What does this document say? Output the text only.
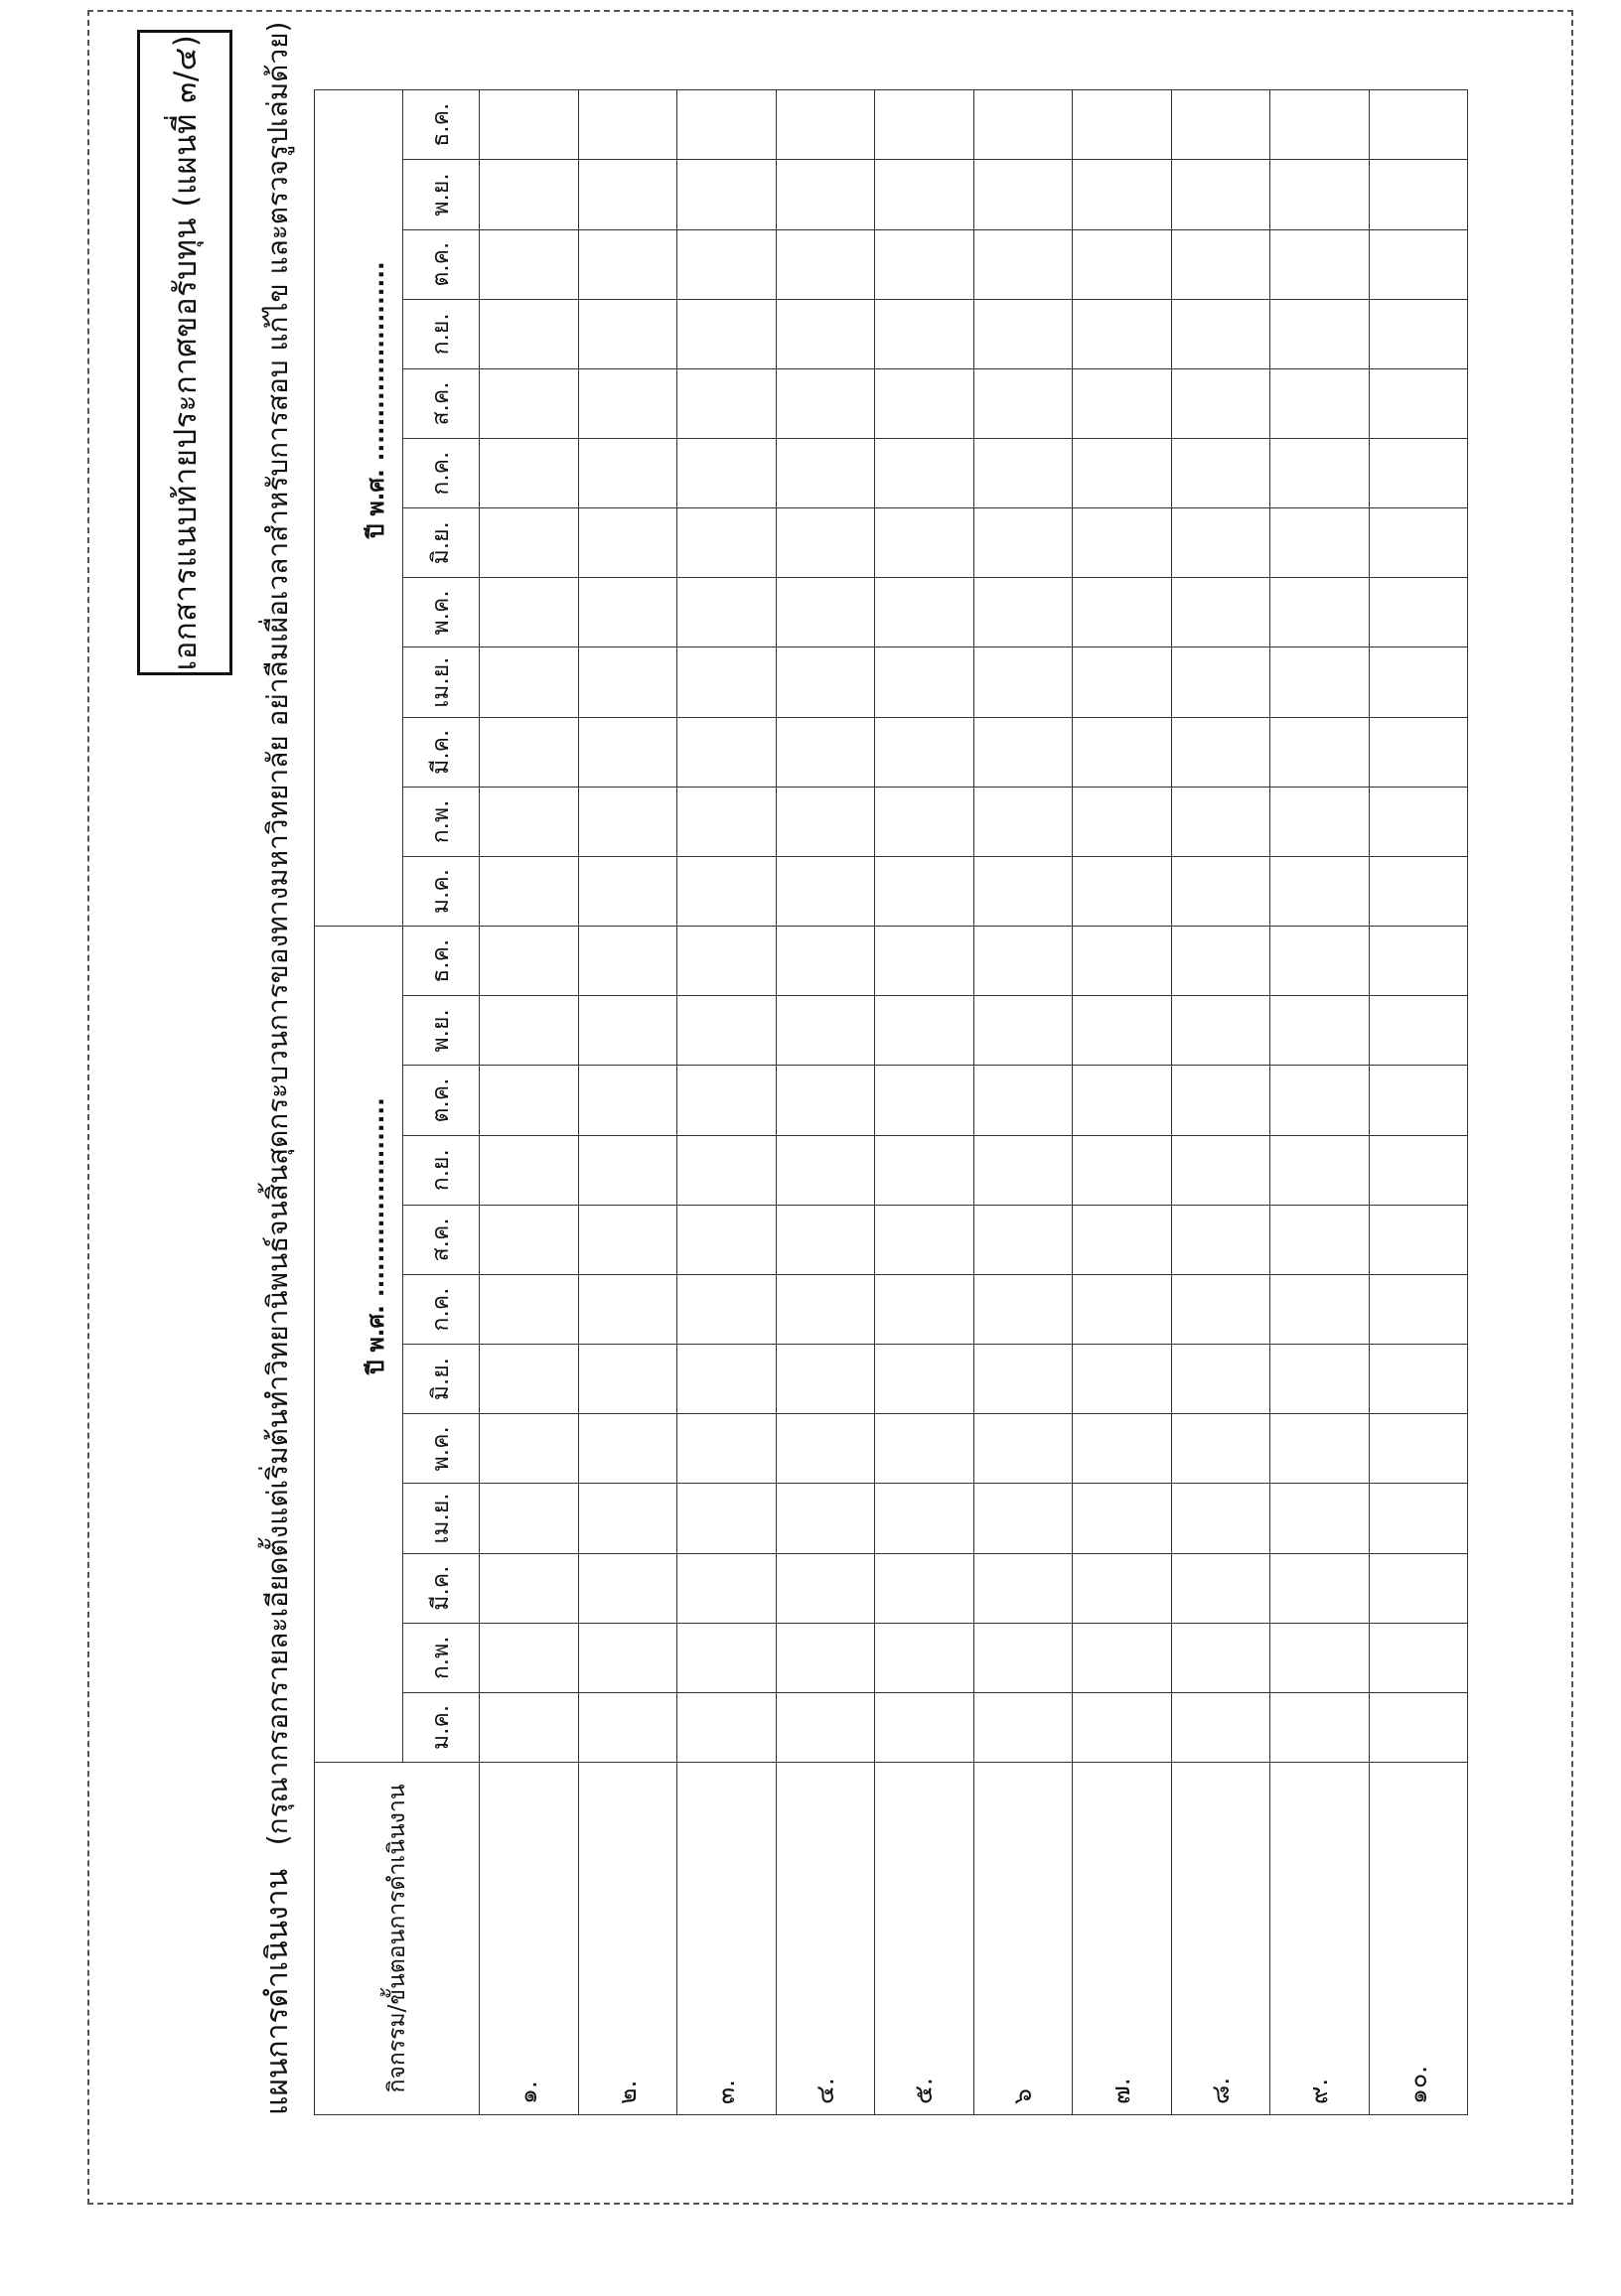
เอกสารแนบท้ายประกาศขอรับทุน (แผนที่ ๓/๔)
แผนการดำเนินงาน (กรุณากรอกรายละเอียดตั้งแต่เริ่มต้นทำวิทยานิพนธ์จนสิ้นสุดกระบวนการของทางมหาวิทยาลัย อย่าลืมเผื่อเวลาสำหรับการสอบ แก้ไข และตรวจรูปเล่มด้วย)
กิจกรรม/ขั้นตอนการดำเนินงาน	ปี พ.ศ. .......................												ปี พ.ศ. .......................											
	ม.ค.	ก.พ.	มี.ค.	เม.ย.	พ.ค.	มิ.ย.	ก.ค.	ส.ค.	ก.ย.	ต.ค.	พ.ย.	ธ.ค.	ม.ค.	ก.พ.	มี.ค.	เม.ย.	พ.ค.	มิ.ย.	ก.ค.	ส.ค.	ก.ย.	ต.ค.	พ.ย.	ธ.ค.
๑.																								
๒.																								
๓.																								
๔.																								
๕.																								
๖																								
๗.																								
๘.																								
๙.																								
๑๐.																								
